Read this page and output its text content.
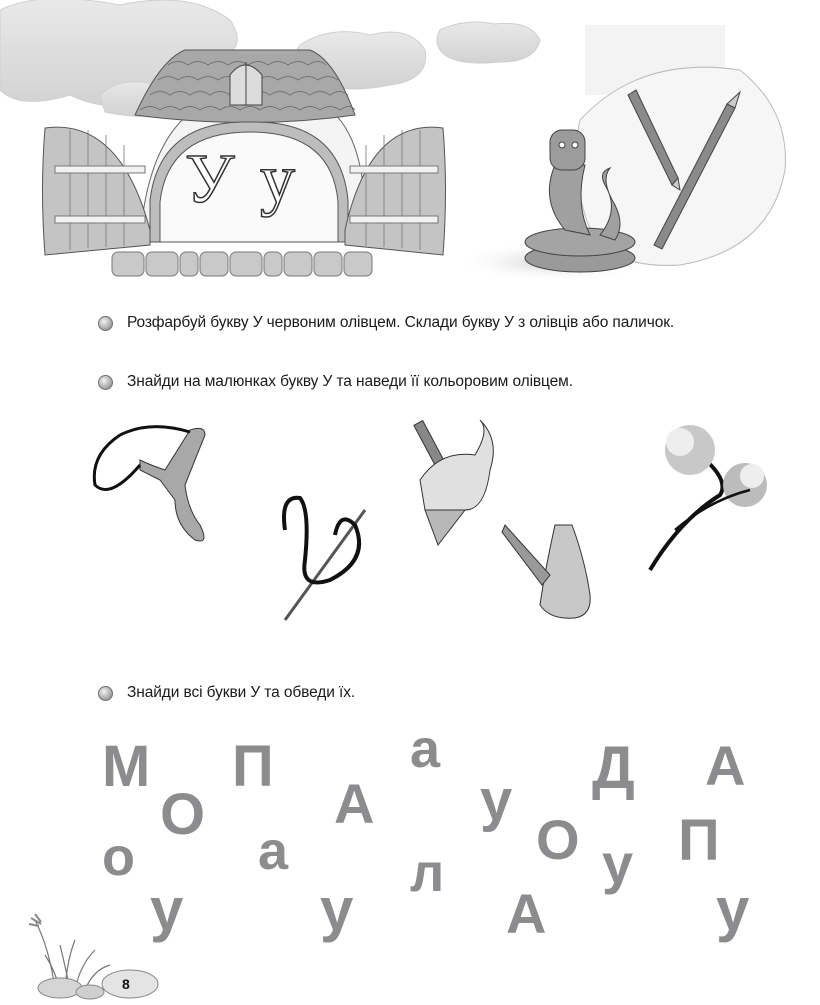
У у
Розфарбуй букву У червоним олівцем. Склади букву У з олівців або паличок.
Знайди на малюнках букву У та наведи її кольоровим олівцем.
Знайди всі букви У та обведи їх.
М П	а	Д А
О А у
О П
о а л	у
у у	А	у
8
